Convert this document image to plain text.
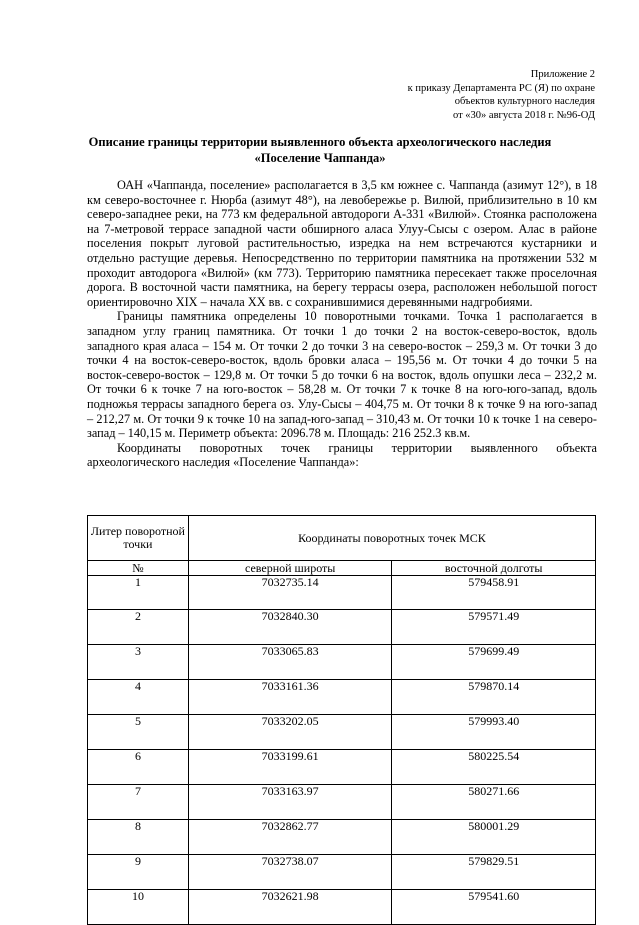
Приложение 2
к приказу Департамента РС (Я) по охране
объектов культурного наследия
от «30» августа 2018 г. №96-ОД
Описание границы территории выявленного объекта археологического наследия
«Поселение Чаппанда»

ОАН «Чаппанда, поселение» располагается в 3,5 км южнее с. Чаппанда (азимут 12°), в 18 км северо-восточнее г. Нюрба (азимут 48°), на левобережье р. Вилюй, приблизительно в 10 км северо-западнее реки, на 773 км федеральной автодороги А-331 «Вилюй». Стоянка расположена на 7-метровой террасе западной части обширного аласа Улуу-Сысы с озером. Алас в районе поселения покрыт луговой растительностью, изредка на нем встречаются кустарники и отдельно растущие деревья. Непосредственно по территории памятника на протяжении 532 м проходит автодорога «Вилюй» (км 773). Территорию памятника пересекает также проселочная дорога. В восточной части памятника, на берегу террасы озера, расположен небольшой погост ориентировочно XIX – начала XX вв. с сохранившимися деревянными надгробиями.

Границы памятника определены 10 поворотными точками. Точка 1 располагается в западном углу границ памятника. От точки 1 до точки 2 на восток-северо-восток, вдоль западного края аласа – 154 м. От точки 2 до точки 3 на северо-восток – 259,3 м. От точки 3 до точки 4 на восток-северо-восток, вдоль бровки аласа – 195,56 м. От точки 4 до точки 5 на восток-северо-восток – 129,8 м. От точки 5 до точки 6 на восток, вдоль опушки леса – 232,2 м. От точки 6 к точке 7 на юго-восток – 58,28 м. От точки 7 к точке 8 на юго-юго-запад, вдоль подножья террасы западного берега оз. Улу-Сысы – 404,75 м. От точки 8 к точке 9 на юго-запад – 212,27 м. От точки 9 к точке 10 на запад-юго-запад – 310,43 м. От точки 10 к точке 1 на северо-запад – 140,15 м. Периметр объекта: 2096.78 м. Площадь: 216 252.3 кв.м.

Координаты поворотных точек границы территории выявленного объекта археологического наследия «Поселение Чаппанда»:

Литер поворотной точки	Координаты поворотных точек МСК	
№	северной широты	восточной долготы
1	7032735.14	579458.91
2	7032840.30	579571.49
3	7033065.83	579699.49
4	7033161.36	579870.14
5	7033202.05	579993.40
6	7033199.61	580225.54
7	7033163.97	580271.66
8	7032862.77	580001.29
9	7032738.07	579829.51
10	7032621.98	579541.60
